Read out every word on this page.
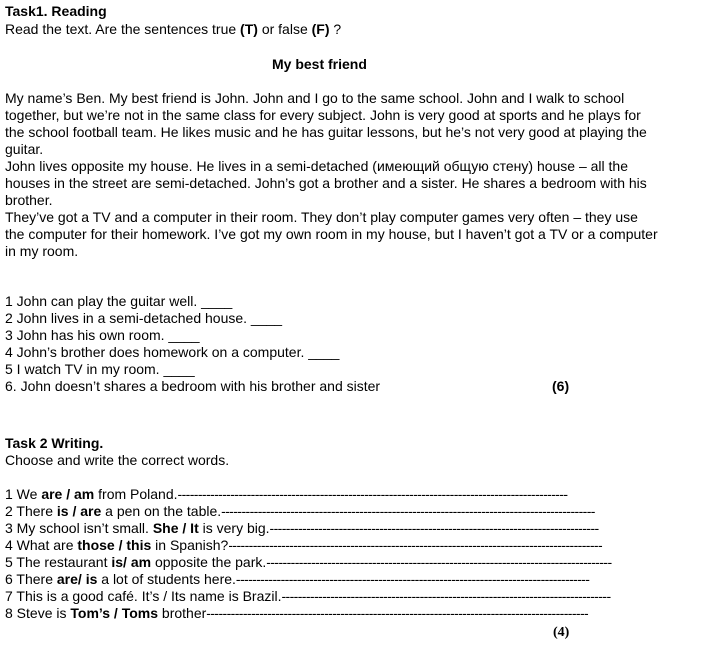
Task1. Reading
Read the text. Are the sentences true (T) or false (F) ?
My best friend
My name’s Ben. My best friend is John. John and I go to the same school. John and I walk to school
together, but we’re not in the same class for every subject. John is very good at sports and he plays for
the school football team. He likes music and he has guitar lessons, but he’s not very good at playing the
guitar.
John lives opposite my house. He lives in a semi-detached (имеющий общую стену) house – all the
houses in the street are semi-detached. John’s got a brother and a sister. He shares a bedroom with his
brother.
They’ve got a TV and a computer in their room. They don’t play computer games very often – they use
the computer for their homework. I’ve got my own room in my house, but I haven’t got a TV or a computer
in my room.
1 John can play the guitar well. ____
2 John lives in a semi-detached house. ____
3 John has his own room. ____
4 John’s brother does homework on a computer. ____
5 I watch TV in my room. ____
6. John doesn’t shares a bedroom with his brother and sister	(6)
Task 2 Writing.
Choose and write the correct words.
1 We are / am from Poland.------------------------------------------------------------------------------------------------
2 There is / are a pen on the table.--------------------------------------------------------------------------------------------
3 My school isn’t small. She / It is very big.---------------------------------------------------------------------------------
4 What are those / this in Spanish?--------------------------------------------------------------------------------------------
5 The restaurant is/ am opposite the park.-------------------------------------------------------------------------------------
6 There are/ is a lot of students here.---------------------------------------------------------------------------------------
7 This is a good café. It’s / Its name is Brazil.---------------------------------------------------------------------------------
8 Steve is Tom’s / Toms brother----------------------------------------------------------------------------------------------
(4)
